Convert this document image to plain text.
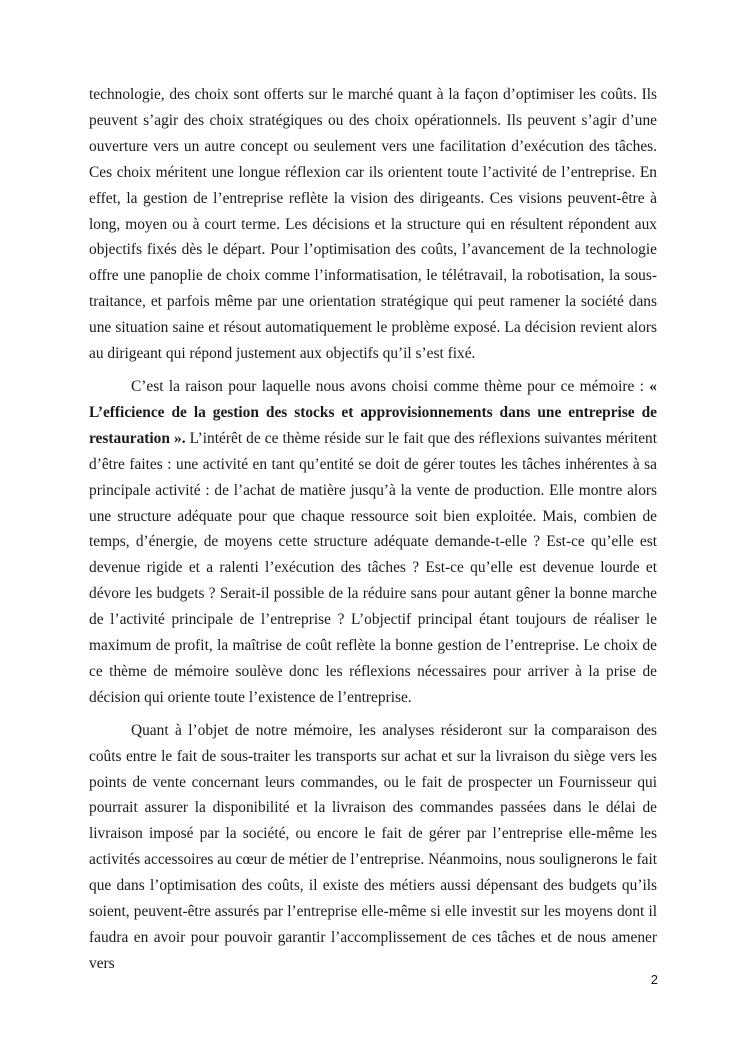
technologie, des choix sont offerts sur le marché quant à la façon d’optimiser les coûts. Ils peuvent s’agir des choix stratégiques ou des choix opérationnels. Ils peuvent s’agir d’une ouverture vers un autre concept ou seulement vers une facilitation d’exécution des tâches. Ces choix méritent une longue réflexion car ils orientent toute l’activité de l’entreprise. En effet, la gestion de l’entreprise reflète la vision des dirigeants. Ces visions peuvent-être à long, moyen ou à court terme. Les décisions et la structure qui en résultent répondent aux objectifs fixés dès le départ. Pour l’optimisation des coûts, l’avancement de la technologie offre une panoplie de choix comme l’informatisation, le télétravail, la robotisation, la sous-traitance, et parfois même par une orientation stratégique qui peut ramener la société dans une situation saine et résout automatiquement le problème exposé. La décision revient alors au dirigeant qui répond justement aux objectifs qu’il s’est fixé.

C’est la raison pour laquelle nous avons choisi comme thème pour ce mémoire : « L’efficience de la gestion des stocks et approvisionnements dans une entreprise de restauration ». L’intérêt de ce thème réside sur le fait que des réflexions suivantes méritent d’être faites : une activité en tant qu’entité se doit de gérer toutes les tâches inhérentes à sa principale activité : de l’achat de matière jusqu’à la vente de production. Elle montre alors une structure adéquate pour que chaque ressource soit bien exploitée. Mais, combien de temps, d’énergie, de moyens cette structure adéquate demande-t-elle ? Est-ce qu’elle est devenue rigide et a ralenti l’exécution des tâches ? Est-ce qu’elle est devenue lourde et dévore les budgets ? Serait-il possible de la réduire sans pour autant gêner la bonne marche de l’activité principale de l’entreprise ? L’objectif principal étant toujours de réaliser le maximum de profit, la maîtrise de coût reflète la bonne gestion de l’entreprise. Le choix de ce thème de mémoire soulève donc les réflexions nécessaires pour arriver à la prise de décision qui oriente toute l’existence de l’entreprise.

Quant à l’objet de notre mémoire, les analyses résideront sur la comparaison des coûts entre le fait de sous-traiter les transports sur achat et sur la livraison du siège vers les points de vente concernant leurs commandes, ou le fait de prospecter un Fournisseur qui pourrait assurer la disponibilité et la livraison des commandes passées dans le délai de livraison imposé par la société, ou encore le fait de gérer par l’entreprise elle-même les activités accessoires au cœur de métier de l’entreprise. Néanmoins, nous soulignerons le fait que dans l’optimisation des coûts, il existe des métiers aussi dépensant des budgets qu’ils soient, peuvent-être assurés par l’entreprise elle-même si elle investit sur les moyens dont il faudra en avoir pour pouvoir garantir l’accomplissement de ces tâches et de nous amener vers

2
